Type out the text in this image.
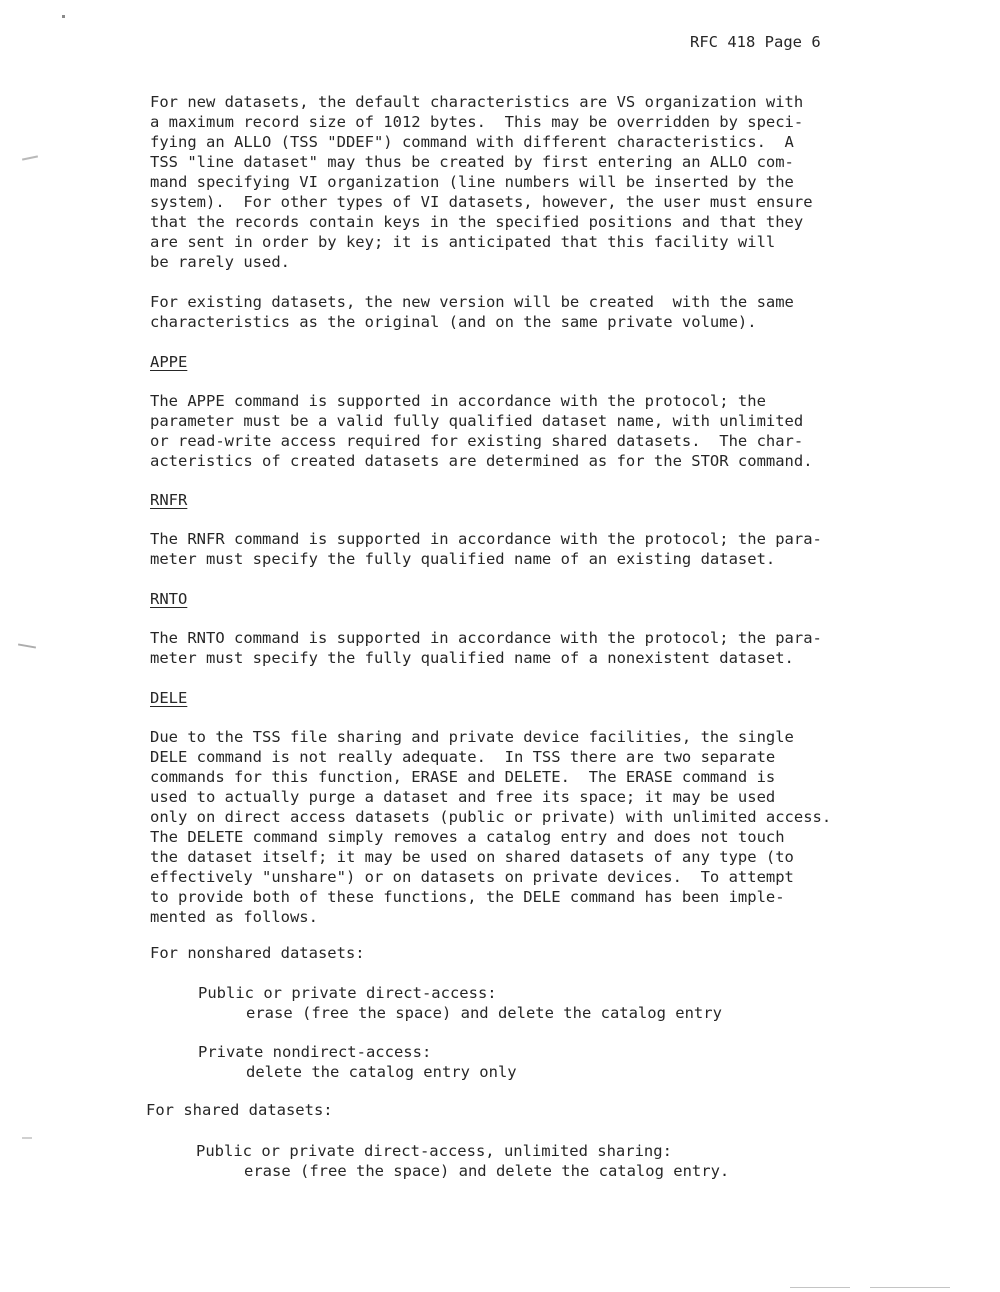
RFC 418 Page 6
For new datasets, the default characteristics are VS organization with
a maximum record size of 1012 bytes.  This may be overridden by speci-
fying an ALLO (TSS "DDEF") command with different characteristics.  A
TSS "line dataset" may thus be created by first entering an ALLO com-
mand specifying VI organization (line numbers will be inserted by the
system).  For other types of VI datasets, however, the user must ensure
that the records contain keys in the specified positions and that they
are sent in order by key; it is anticipated that this facility will
be rarely used.
For existing datasets, the new version will be created  with the same
characteristics as the original (and on the same private volume).
APPE
The APPE command is supported in accordance with the protocol; the
parameter must be a valid fully qualified dataset name, with unlimited
or read-write access required for existing shared datasets.  The char-
acteristics of created datasets are determined as for the STOR command.
RNFR
The RNFR command is supported in accordance with the protocol; the para-
meter must specify the fully qualified name of an existing dataset.
RNTO
The RNTO command is supported in accordance with the protocol; the para-
meter must specify the fully qualified name of a nonexistent dataset.
DELE
Due to the TSS file sharing and private device facilities, the single
DELE command is not really adequate.  In TSS there are two separate
commands for this function, ERASE and DELETE.  The ERASE command is
used to actually purge a dataset and free its space; it may be used
only on direct access datasets (public or private) with unlimited access.
The DELETE command simply removes a catalog entry and does not touch
the dataset itself; it may be used on shared datasets of any type (to
effectively "unshare") or on datasets on private devices.  To attempt
to provide both of these functions, the DELE command has been imple-
mented as follows.
For nonshared datasets:
Public or private direct-access:
erase (free the space) and delete the catalog entry
Private nondirect-access:
delete the catalog entry only
For shared datasets:
Public or private direct-access, unlimited sharing:
erase (free the space) and delete the catalog entry.
